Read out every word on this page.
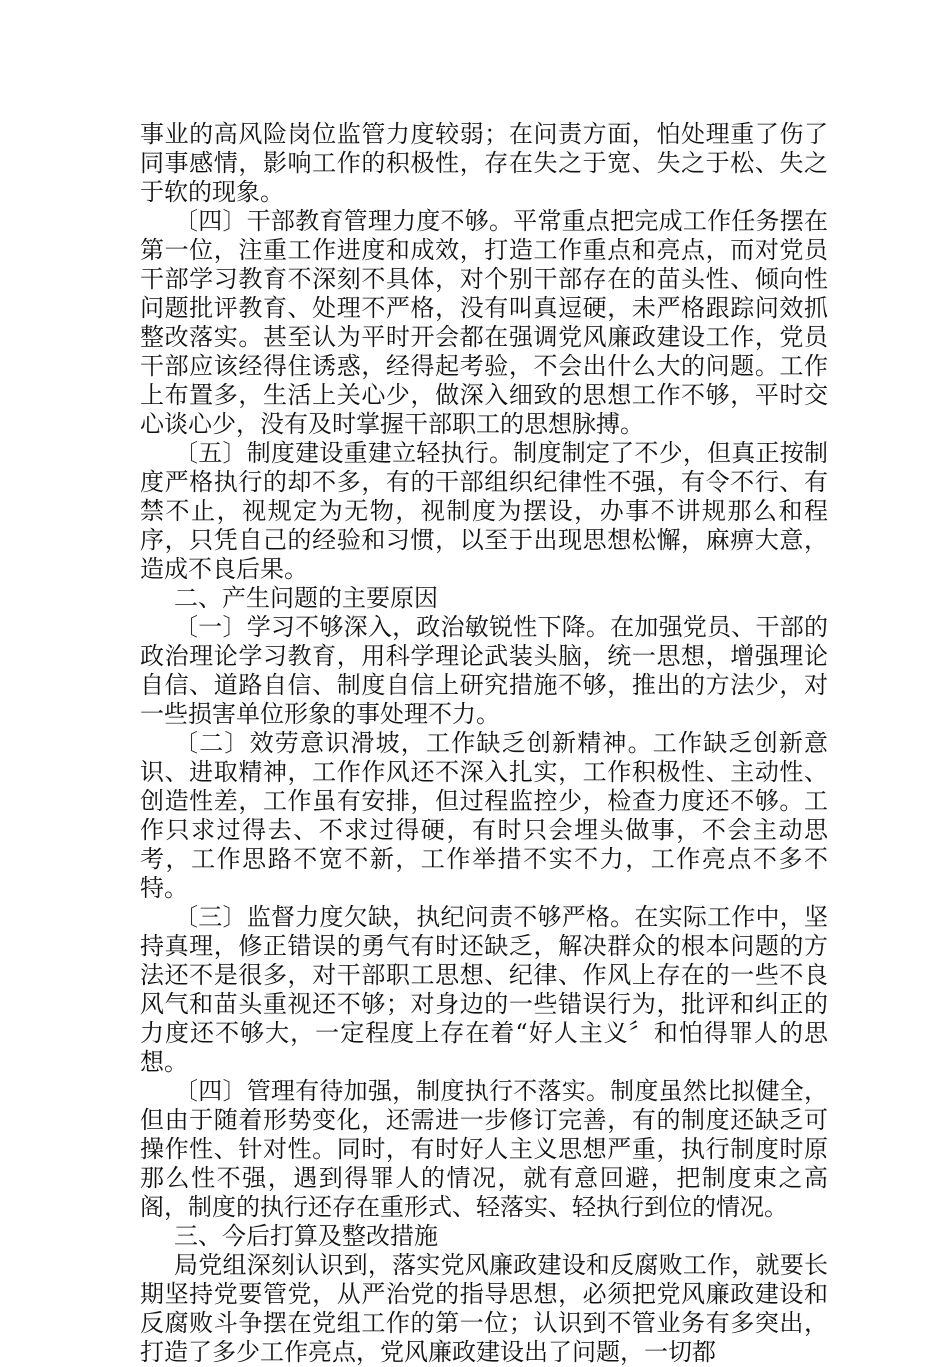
事业的高风险岗位监管力度较弱；在问责方面，怕处理重了伤了同事感情，影响工作的积极性，存在失之于宽、失之于松、失之于软的现象。

〔四〕干部教育管理力度不够。平常重点把完成工作任务摆在第一位，注重工作进度和成效，打造工作重点和亮点，而对党员干部学习教育不深刻不具体，对个别干部存在的苗头性、倾向性问题批评教育、处理不严格，没有叫真逗硬，未严格跟踪问效抓整改落实。甚至认为平时开会都在强调党风廉政建设工作，党员干部应该经得住诱惑，经得起考验，不会出什么大的问题。工作上布置多，生活上关心少，做深入细致的思想工作不够，平时交心谈心少，没有及时掌握干部职工的思想脉搏。

〔五〕制度建设重建立轻执行。制度制定了不少，但真正按制度严格执行的却不多，有的干部组织纪律性不强，有令不行、有禁不止，视规定为无物，视制度为摆设，办事不讲规那么和程序，只凭自己的经验和习惯，以至于出现思想松懈，麻痹大意，造成不良后果。

二、产生问题的主要原因

〔一〕学习不够深入，政治敏锐性下降。在加强党员、干部的政治理论学习教育，用科学理论武装头脑，统一思想，增强理论自信、道路自信、制度自信上研究措施不够，推出的方法少，对一些损害单位形象的事处理不力。

〔二〕效劳意识滑坡，工作缺乏创新精神。工作缺乏创新意识、进取精神，工作作风还不深入扎实，工作积极性、主动性、创造性差，工作虽有安排，但过程监控少，检查力度还不够。工作只求过得去、不求过得硬，有时只会埋头做事，不会主动思考，工作思路不宽不新，工作举措不实不力，工作亮点不多不特。

〔三〕监督力度欠缺，执纪问责不够严格。在实际工作中，坚持真理，修正错误的勇气有时还缺乏，解决群众的根本问题的方法还不是很多，对干部职工思想、纪律、作风上存在的一些不良风气和苗头重视还不够；对身边的一些错误行为，批评和纠正的力度还不够大，一定程度上存在着“好人主义〞和怕得罪人的思想。

〔四〕管理有待加强，制度执行不落实。制度虽然比拟健全，但由于随着形势变化，还需进一步修订完善，有的制度还缺乏可操作性、针对性。同时，有时好人主义思想严重，执行制度时原那么性不强，遇到得罪人的情况，就有意回避，把制度束之高阁，制度的执行还存在重形式、轻落实、轻执行到位的情况。

三、今后打算及整改措施

局党组深刻认识到，落实党风廉政建设和反腐败工作，就要长期坚持党要管党，从严治党的指导思想，必须把党风廉政建设和反腐败斗争摆在党组工作的第一位；认识到不管业务有多突出，打造了多少工作亮点，党风廉政建设出了问题，一切都
